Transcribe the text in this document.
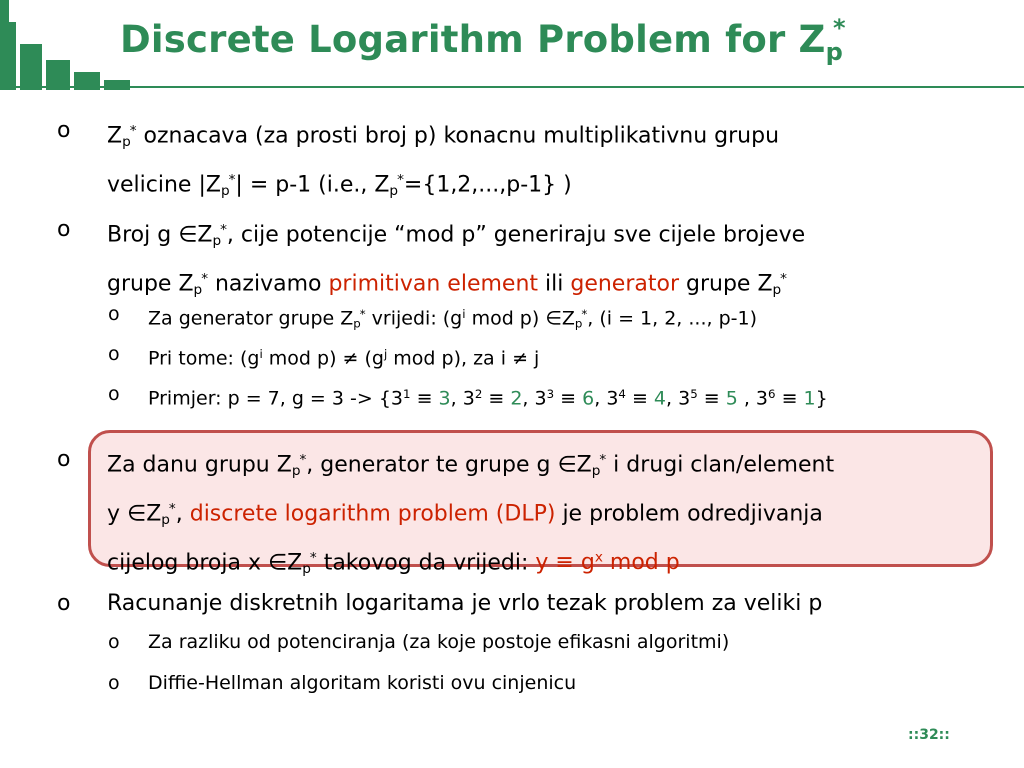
Discrete Logarithm Problem for $Z_p^*$
o $Z_p^*$ oznacava (za prosti broj p) konacnu multiplikativnu grupu
velicine $|Z_p^*| = p-1$ (i.e., $Z_p^*=\{1,2,...,p-1\}$ )
o Broj g $\in Z_p^*$, cije potencije “mod p” generiraju sve cijele brojeve
grupe $Z_p^*$ nazivamo primitivan element ili generator grupe $Z_p^*$
o Za generator grupe $Z_p^*$ vrijedi: ($g^i$ mod p) $\in Z_p^*$, (i = 1, 2, ..., p-1)
o Pri tome: ($g^i$ mod $p) \ne (g^j$ mod p), za i ≠ j
o Primjer: p = 7, $g = 3 -> \{3^1 \equiv 3$, $3^2 \equiv 2$, $3^3 \equiv 6$, $3^4 \equiv 4$, $3^5 \equiv 5$ , $3^6 \equiv 1$}
o Za danu grupu $Z_p^*$, generator te grupe g $\in Z_p^*$ i drugi clan/element
y $\in Z_p^*$, discrete logarithm problem (DLP) je problem odredjivanja
cijelog broja x $\in Z_p^*$ takovog da vrijedi: $y \equiv g^x$ mod p
o Racunanje diskretnih logaritama je vrlo tezak problem za veliki p
o Za razliku od potenciranja (za koje postoje efikasni algoritmi)
o Diffie-Hellman algoritam koristi ovu cinjenicu
::32::
